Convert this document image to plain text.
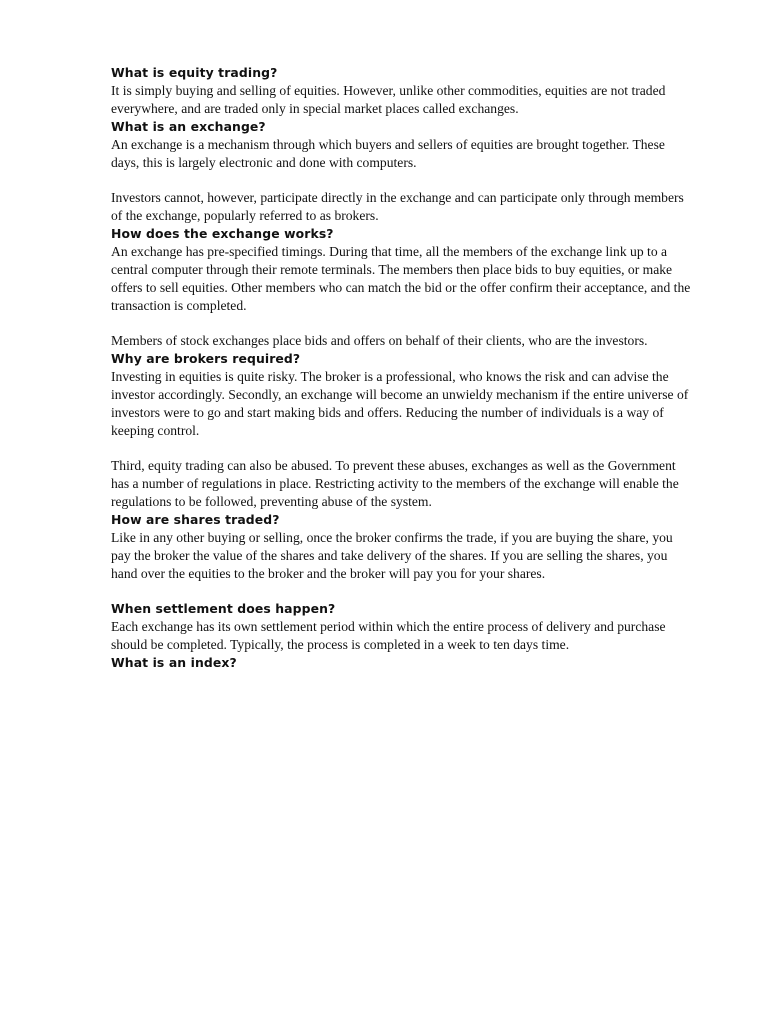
What is equity trading?

It is simply buying and selling of equities. However, unlike other commodities, equities are not traded everywhere, and are traded only in special market places called exchanges.

What is an exchange?

An exchange is a mechanism through which buyers and sellers of equities are brought together. These days, this is largely electronic and done with computers.

Investors cannot, however, participate directly in the exchange and can participate only through members of the exchange, popularly referred to as brokers.

How does the exchange works?

An exchange has pre-specified timings. During that time, all the members of the exchange link up to a central computer through their remote terminals. The members then place bids to buy equities, or make offers to sell equities. Other members who can match the bid or the offer confirm their acceptance, and the transaction is completed.

Members of stock exchanges place bids and offers on behalf of their clients, who are the investors.

Why are brokers required?

Investing in equities is quite risky. The broker is a professional, who knows the risk and can advise the investor accordingly. Secondly, an exchange will become an unwieldy mechanism if the entire universe of investors were to go and start making bids and offers. Reducing the number of individuals is a way of keeping control.

Third, equity trading can also be abused. To prevent these abuses, exchanges as well as the Government has a number of regulations in place. Restricting activity to the members of the exchange will enable the regulations to be followed, preventing abuse of the system.

How are shares traded?

Like in any other buying or selling, once the broker confirms the trade, if you are buying the share, you pay the broker the value of the shares and take delivery of the shares. If you are selling the shares, you hand over the equities to the broker and the broker will pay you for your shares.

When settlement does happen?

Each exchange has its own settlement period within which the entire process of delivery and purchase should be completed. Typically, the process is completed in a week to ten days time.

What is an index?
